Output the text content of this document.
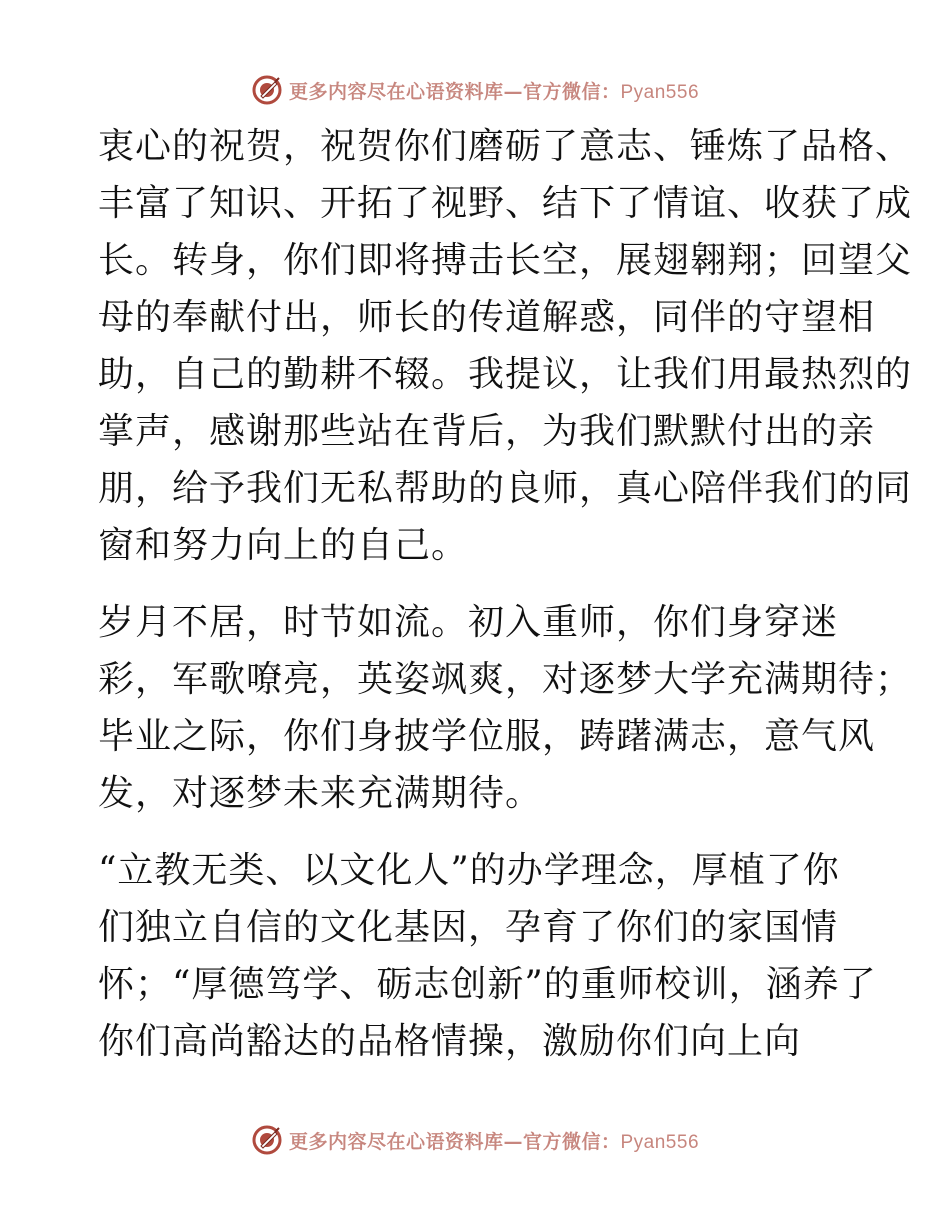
更多内容尽在心语资料库—官方微信：Pyan556
衷心的祝贺，祝贺你们磨砺了意志、锤炼了品格、
丰富了知识、开拓了视野、结下了情谊、收获了成
长。转身，你们即将搏击长空，展翅翱翔；回望父
母的奉献付出，师长的传道解惑，同伴的守望相
助，自己的勤耕不辍。我提议，让我们用最热烈的
掌声，感谢那些站在背后，为我们默默付出的亲
朋，给予我们无私帮助的良师，真心陪伴我们的同
窗和努力向上的自己。
岁月不居，时节如流。初入重师，你们身穿迷
彩，军歌嘹亮，英姿飒爽，对逐梦大学充满期待；
毕业之际，你们身披学位服，踌躇满志，意气风
发，对逐梦未来充满期待。
“立教无类、以文化人”的办学理念，厚植了你
们独立自信的文化基因，孕育了你们的家国情
怀；“厚德笃学、砺志创新”的重师校训，涵养了
你们高尚豁达的品格情操，激励你们向上向
更多内容尽在心语资料库—官方微信：Pyan556
